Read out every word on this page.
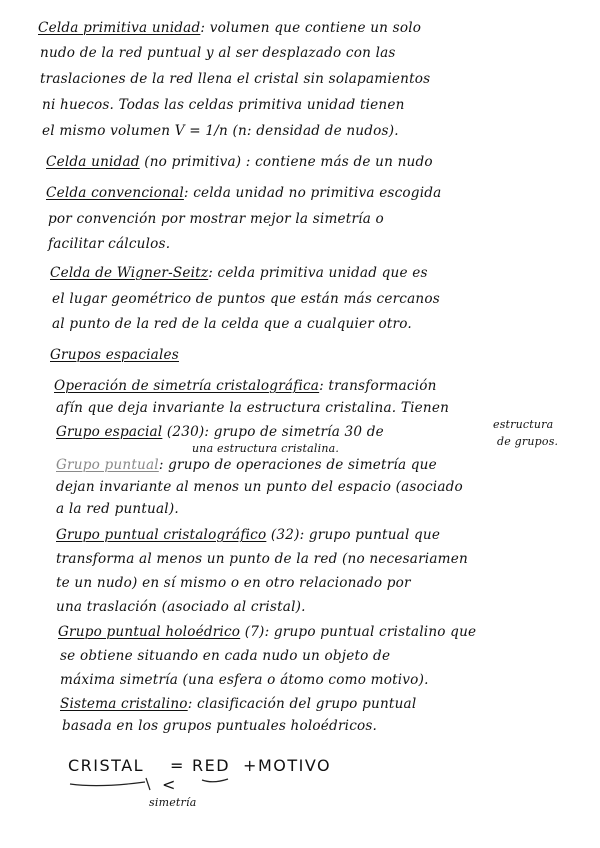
Celda primitiva unidad: volumen que contiene un solo
nudo de la red puntual y al ser desplazado con las
traslaciones de la red llena el cristal sin solapamientos
ni huecos. Todas las celdas primitiva unidad tienen
el mismo volumen V = 1/n (n: densidad de nudos).
Celda unidad (no primitiva) : contiene más de un nudo
Celda convencional: celda unidad no primitiva escogida
por convención por mostrar mejor la simetría o
facilitar cálculos.
Celda de Wigner-Seitz: celda primitiva unidad que es
el lugar geométrico de puntos que están más cercanos
al punto de la red de la celda que a cualquier otro.
Grupos espaciales
Operación de simetría cristalográfica: transformación
afín que deja invariante la estructura cristalina. Tienen
estructura
Grupo espacial (230): grupo de simetría 30 de
de grupos.
una estructura cristalina.
Grupo puntual: grupo de operaciones de simetría que
dejan invariante al menos un punto del espacio (asociado
a la red puntual).
Grupo puntual cristalográfico (32): grupo puntual que
transforma al menos un punto de la red (no necesariamen
te un nudo) en sí mismo o en otro relacionado por
una traslación (asociado al cristal).
Grupo puntual holoédrico (7): grupo puntual cristalino que
se obtiene situando en cada nudo un objeto de
máxima simetría (una esfera o átomo como motivo).
Sistema cristalino: clasificación del grupo puntual
basada en los grupos puntuales holoédricos.
CRISTAL = RED + MOTIVO
<
simetría
